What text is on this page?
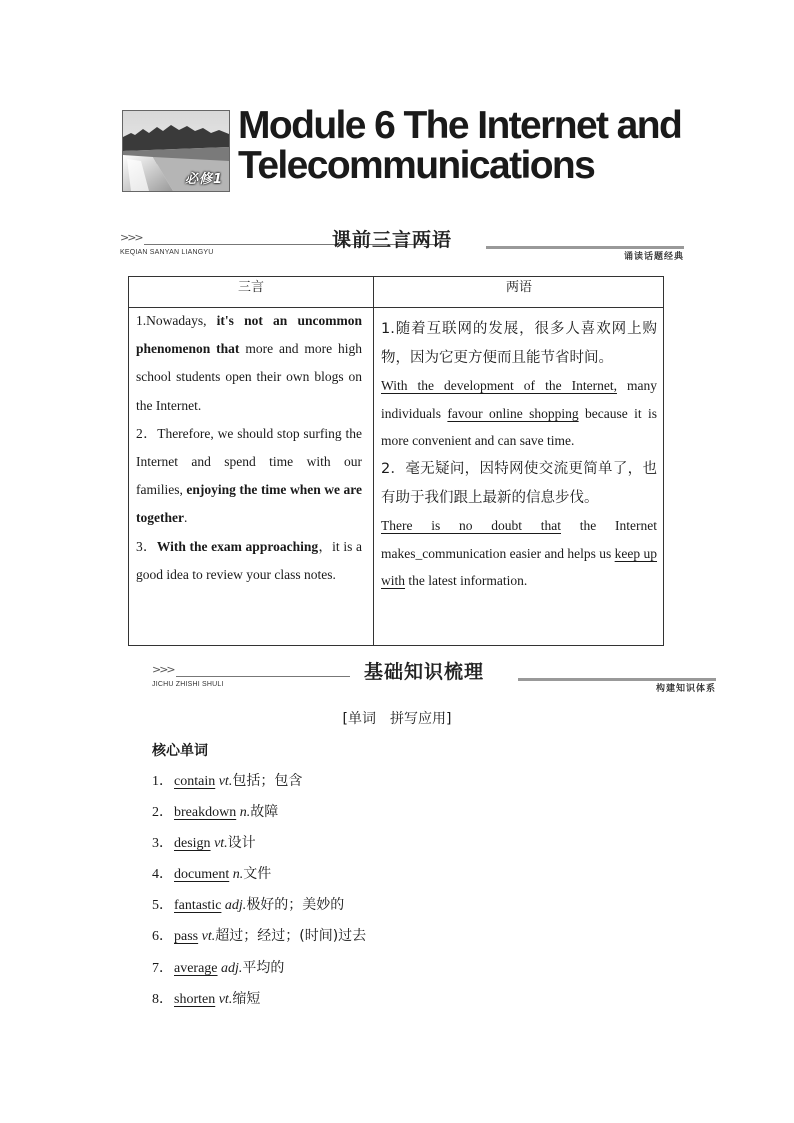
必修1
Module 6 The Internet and
Telecommunications
>>>
KEQIAN SANYAN LIANGYU
课前三言两语
诵读话题经典
三言	两语

1.Nowadays, it's not an uncommon phenomenon that more and more high school students open their own blogs on the Internet.

2．Therefore, we should stop surfing the Internet and spend time with our families, enjoying the time when we are together.

3．With the exam approaching，it is a good idea to review your class notes.

1.随着互联网的发展，很多人喜欢网上购物，因为它更方便而且能节省时间。

With the development of the Internet, many individuals favour online shopping because it is more convenient and can save time.

2．毫无疑问，因特网使交流更简单了，也有助于我们跟上最新的信息步伐。

There is no doubt that the Internet makes_communication easier and helps us keep up with the latest information.

>>>
JICHU ZHISHI SHULI
基础知识梳理
构建知识体系
[单词　拼写应用]
核心单词
1．contain vt.包括；包含
2．breakdown n.故障
3．design vt.设计
4．document n.文件
5．fantastic adj.极好的；美妙的
6．pass vt.超过；经过；(时间)过去
7．average adj.平均的
8．shorten vt.缩短
